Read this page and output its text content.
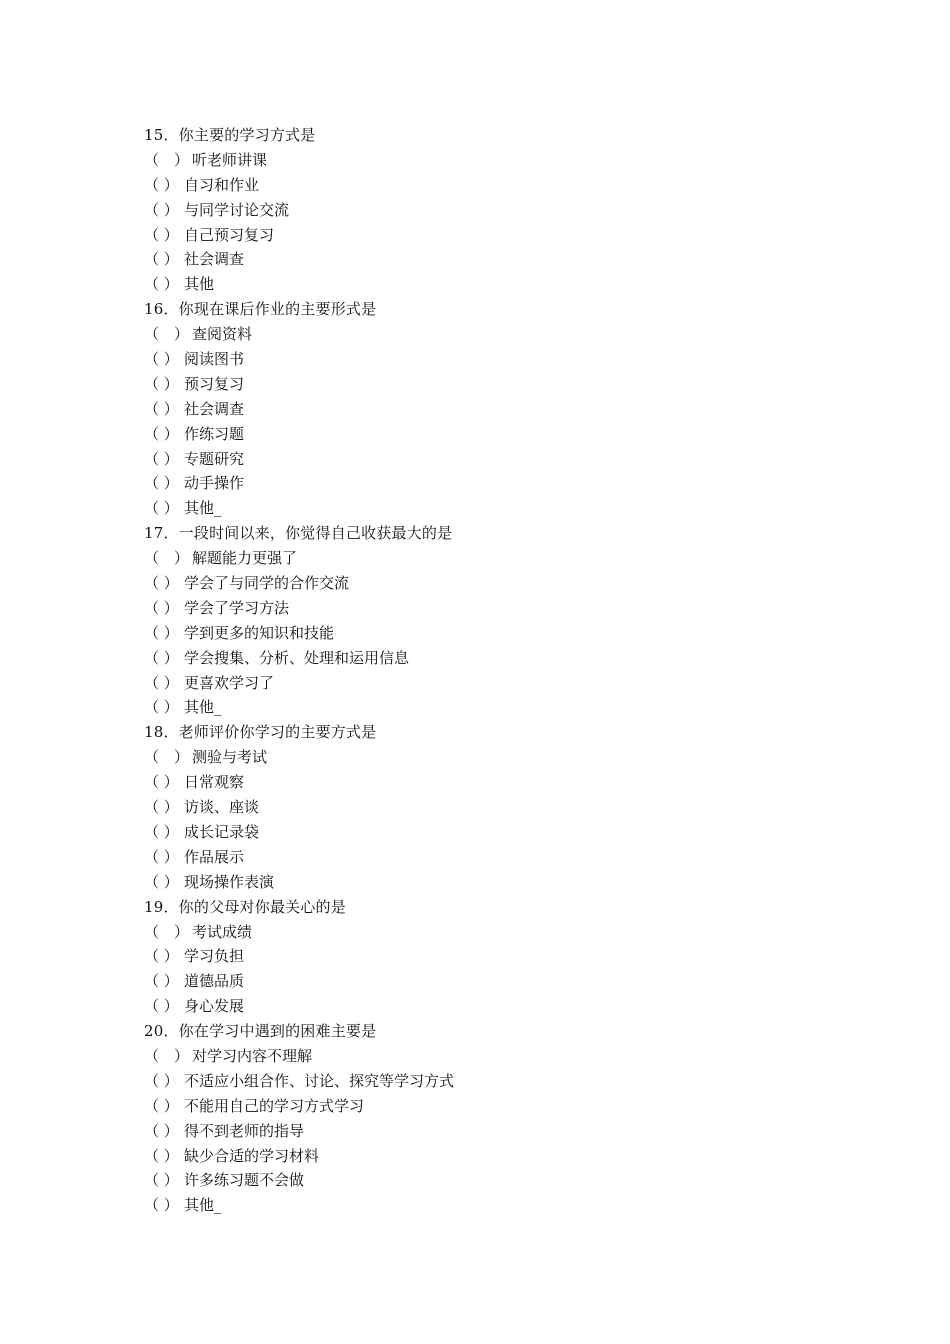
15．你主要的学习方式是
（　） 听老师讲课
（ ） 自习和作业
（ ） 与同学讨论交流
（ ） 自己预习复习
（ ） 社会调查
（ ） 其他
16．你现在课后作业的主要形式是
（　） 查阅资料
（ ） 阅读图书
（ ） 预习复习
（ ） 社会调查
（ ） 作练习题
（ ） 专题研究
（ ） 动手操作
（ ） 其他_
17．一段时间以来，你觉得自己收获最大的是
（　） 解题能力更强了
（ ） 学会了与同学的合作交流
（ ） 学会了学习方法
（ ） 学到更多的知识和技能
（ ） 学会搜集、分析、处理和运用信息
（ ） 更喜欢学习了
（ ） 其他_
18．老师评价你学习的主要方式是
（　） 测验与考试
（ ） 日常观察
（ ） 访谈、座谈
（ ） 成长记录袋
（ ） 作品展示
（ ） 现场操作表演
19．你的父母对你最关心的是
（　） 考试成绩
（ ） 学习负担
（ ） 道德品质
（ ） 身心发展
20．你在学习中遇到的困难主要是
（　） 对学习内容不理解
（ ） 不适应小组合作、讨论、探究等学习方式
（ ） 不能用自己的学习方式学习
（ ） 得不到老师的指导
（ ） 缺少合适的学习材料
（ ） 许多练习题不会做
（ ） 其他_
